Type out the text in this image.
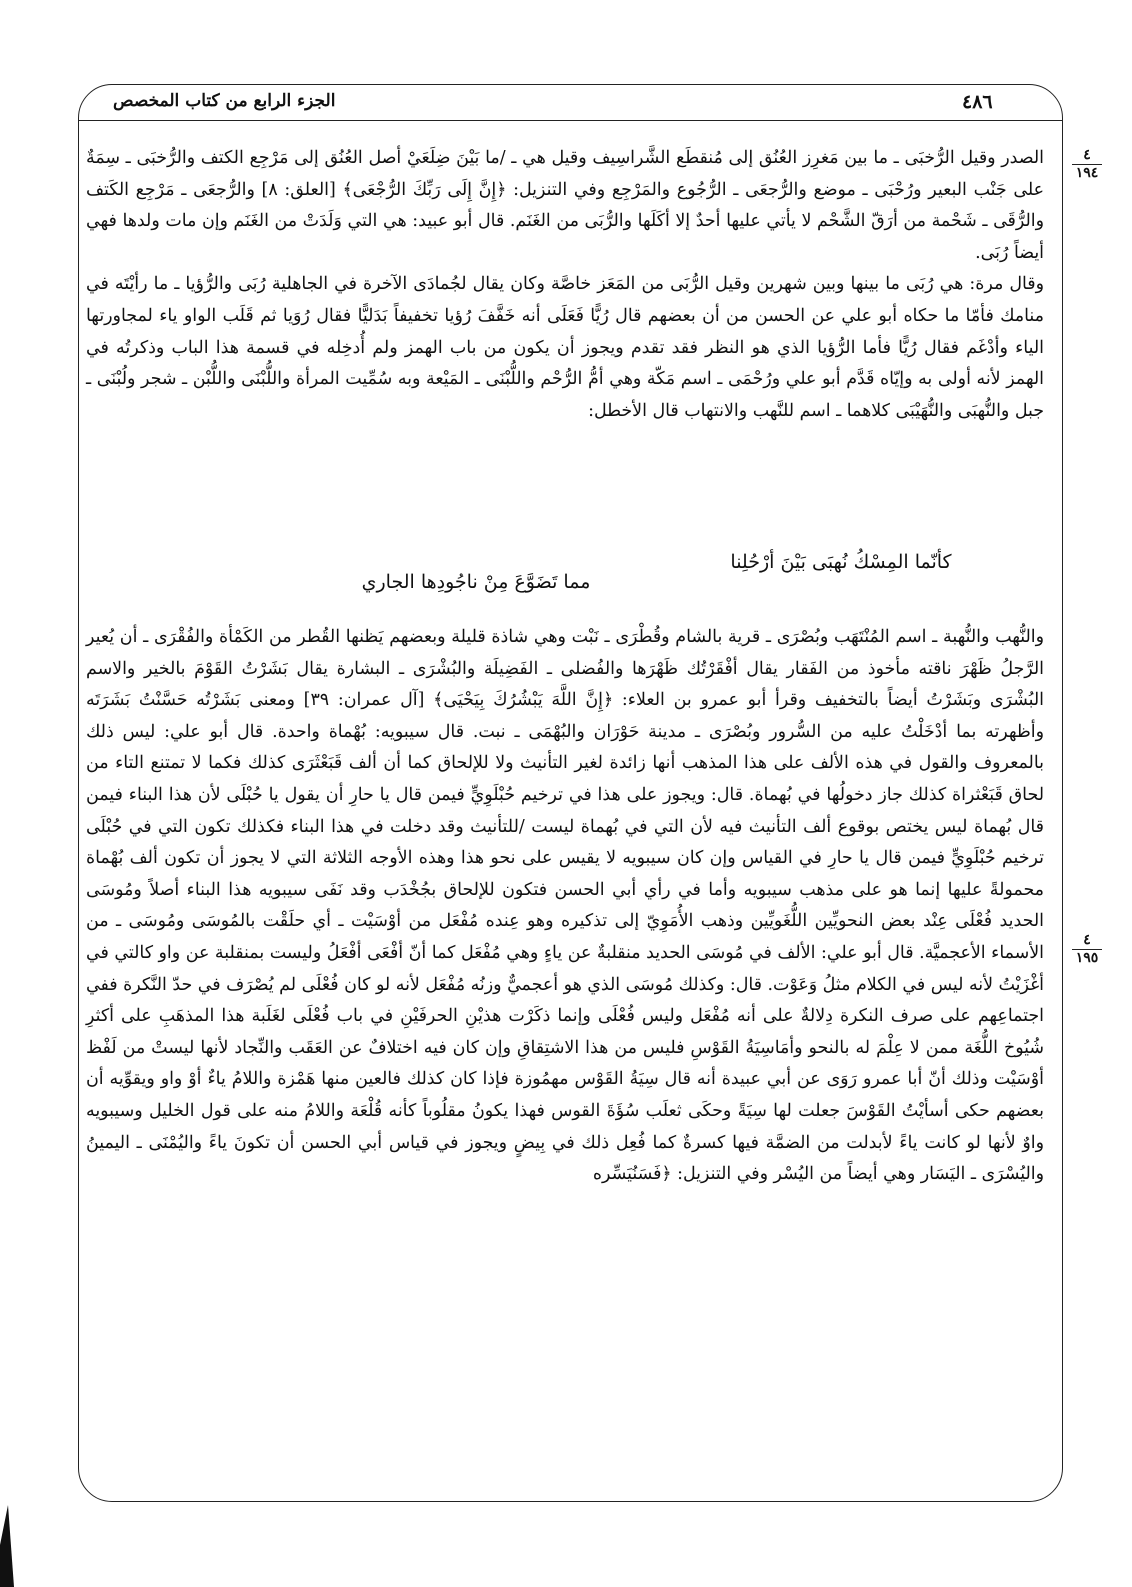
٤٨٦
الجزء الرابع من كتاب المخصص
٤
١٩٤
٤
١٩٥

الصدر وقيل الرُّخبَى ـ ما بين مَغرِز العُنُق إلى مُنقطَع الشَّراسِيف وقيل هي ـ /ما بَيْنَ ضِلَعَيْ أصل العُنُق إلى مَرْجِع الكتف والرُّخبَى ـ سِمَةٌ على جَنْب البعير ورُحْبَى ـ موضع والرُّجعَى ـ الرُّجُوع والمَرْجِع وفي التنزيل: ﴿إِنَّ إِلَى رَبِّكَ الرُّجْعَى﴾ [العلق: ٨] والرُّجعَى ـ مَرْجِع الكَتف والرُّقَى ـ شَحْمة من أرَقّ الشَّحْم لا يأتي عليها أحدٌ إلا أكَلَها والرُّبَى من الغَنَم. قال أبو عبيد: هي التي وَلَدَتْ من الغَنَم وإن مات ولدها فهي أيضاً رُبَى.

وقال مرة: هي رُبَى ما بينها وبين شهرين وقيل الرُّبَى من المَعَز خاصَّة وكان يقال لجُمادَى الآخرة في الجاهلية رُبَى والرُّؤيا ـ ما رأيْتَه في منامك فأمّا ما حكاه أبو علي عن الحسن من أن بعضهم قال رُيًّا فَعَلَى أنه خَفَّفَ رُؤيا تخفيفاً بَدَليًّا فقال رُوَيا ثم قَلَب الواو ياء لمجاورتها الياء وأدْغَم فقال رُيًّا فأما الرُّؤيا الذي هو النظر فقد تقدم ويجوز أن يكون من باب الهمز ولم أُدخِله في قسمة هذا الباب وذكرتُه في الهمز لأنه أولى به وإيّاه قَدَّم أبو علي ورُحْمَى ـ اسم مَكّة وهي أمُّ الرُّحْم واللُّبْنَى ـ المَيْعة وبه سُمِّيت المرأة واللُّبْنَى واللُّبْن ـ شجر ولُبْنَى ـ جبل والنُّهبَى والنُّهَيْبَى كلاهما ـ اسم للنَّهب والانتهاب قال الأخطل:

كأنّما المِسْكُ نُهبَى بَيْنَ أرْحُلِنا
مما تَضَوَّعَ مِنْ ناجُودِها الجاري

والنُّهب والنُّهبة ـ اسم المُنْتَهَب وبُصْرَى ـ قرية بالشام وقُطْرَى ـ نَبْت وهي شاذة قليلة وبعضهم يَظنها القُطر من الكَمْأة والفُقْرَى ـ أن يُعير الرَّجلُ ظَهْرَ ناقته مأخوذ من الفَقار يقال أفْقَرْتُك ظَهْرَها والفُضلى ـ الفَضِيلَة والبُشْرَى ـ البشارة يقال بَشَرْتُ القَوْمَ بالخير والاسم البُشْرَى وبَشَرْتُ أيضاً بالتخفيف وقرأ أبو عمرو بن العلاء: ﴿إِنَّ اللَّهَ يَبْشُرُكَ بِيَحْيَى﴾ [آل عمران: ٣٩] ومعنى بَشَرْتُه حَسَّنْتُ بَشَرَتَه وأظهرته بما أدْخَلْتُ عليه من السُّرور وبُصْرَى ـ مدينة حَوْرَان والبُهْمَى ـ نبت. قال سيبويه: بُهْماة واحدة. قال أبو علي: ليس ذلك بالمعروف والقول في هذه الألف على هذا المذهب أنها زائدة لغير التأنيث ولا للإلحاق كما أن ألف قَبَعْثَرَى كذلك فكما لا تمتنع التاء من لحاق قَبَعْثراة كذلك جاز دخولُها في بُهماة. قال: ويجوز على هذا في ترخيم حُبْلَوِيٍّ فيمن قال يا حارِ أن يقول يا حُبْلَى لأن هذا البناء فيمن قال بُهماة ليس يختص بوقوع ألف التأنيث فيه لأن التي في بُهماة ليست /للتأنيث وقد دخلت في هذا البناء فكذلك تكون التي في حُبْلَى ترخيم حُبْلَوِيٍّ فيمن قال يا حارِ في القياس وإن كان سيبويه لا يقيس على نحو هذا وهذه الأوجه الثلاثة التي لا يجوز أن تكون ألف بُهْماة محمولةً عليها إنما هو على مذهب سيبويه وأما في رأي أبي الحسن فتكون للإلحاق بجُخْدَب وقد نَفَى سيبويه هذا البناء أصلاً ومُوسَى الحديد فُعْلَى عِنْد بعض النحويِّين اللُّغَويِّين وذهب الأُمَوِيّ إلى تذكيره وهو عِنده مُفْعَل من أوْسَيْت ـ أي حلَقْت بالمُوسَى ومُوسَى ـ من الأسماء الأعجميَّة. قال أبو علي: الألف في مُوسَى الحديد منقلبةٌ عن ياءٍ وهي مُفْعَل كما أنّ أفْعَى أفْعَلُ وليست بمنقلبة عن واو كالتي في أغْزَيْتُ لأنه ليس في الكلام مثلُ وَعَوْت. قال: وكذلك مُوسَى الذي هو أعجميٌّ وزنُه مُفْعَل لأنه لو كان فُعْلَى لم يُصْرَف في حدّ النَّكرة ففي اجتماعِهم على صرف النكرة دِلالةٌ على أنه مُفْعَل وليس فُعْلَى وإنما ذكَرْت هذيْنِ الحرفَيْنِ في باب فُعْلَى لغَلَبة هذا المذهَبِ على أكثرِ شُيُوخ اللُّغَة ممن لا عِلْمَ له بالنحو وأمَاسِيَةُ القَوْسِ فليس من هذا الاشتِقاقِ وإن كان فيه اختلافٌ عن العَقَب والنِّجاد لأنها ليستْ من لَفْظ أوْسَيْت وذلك أنّ أبا عمرو رَوَى عن أبي عبيدة أنه قال سِيَةُ القَوْس مهمُوزة فإذا كان كذلك فالعين منها هَمْزة واللامُ ياءٌ أوْ واو ويقوِّيه أن بعضهم حكى أسأيْتُ القَوْسَ جعلت لها سِيَةً وحكَى ثعلَب سُؤَةَ القوس فهذا يكونُ مقلُوباً كأنه قُلْعَة واللامُ منه على قول الخليل وسيبويه واوٌ لأنها لو كانت ياءً لأبدلت من الضمَّة فيها كسرةٌ كما فُعِل ذلك في بِيضٍ ويجوز في قياس أبي الحسن أن تكونَ ياءً واليُمْنَى ـ اليمينُ واليُسْرَى ـ اليَسَار وهي أيضاً من اليُسْر وفي التنزيل: ﴿فَسَنُيَسِّره
